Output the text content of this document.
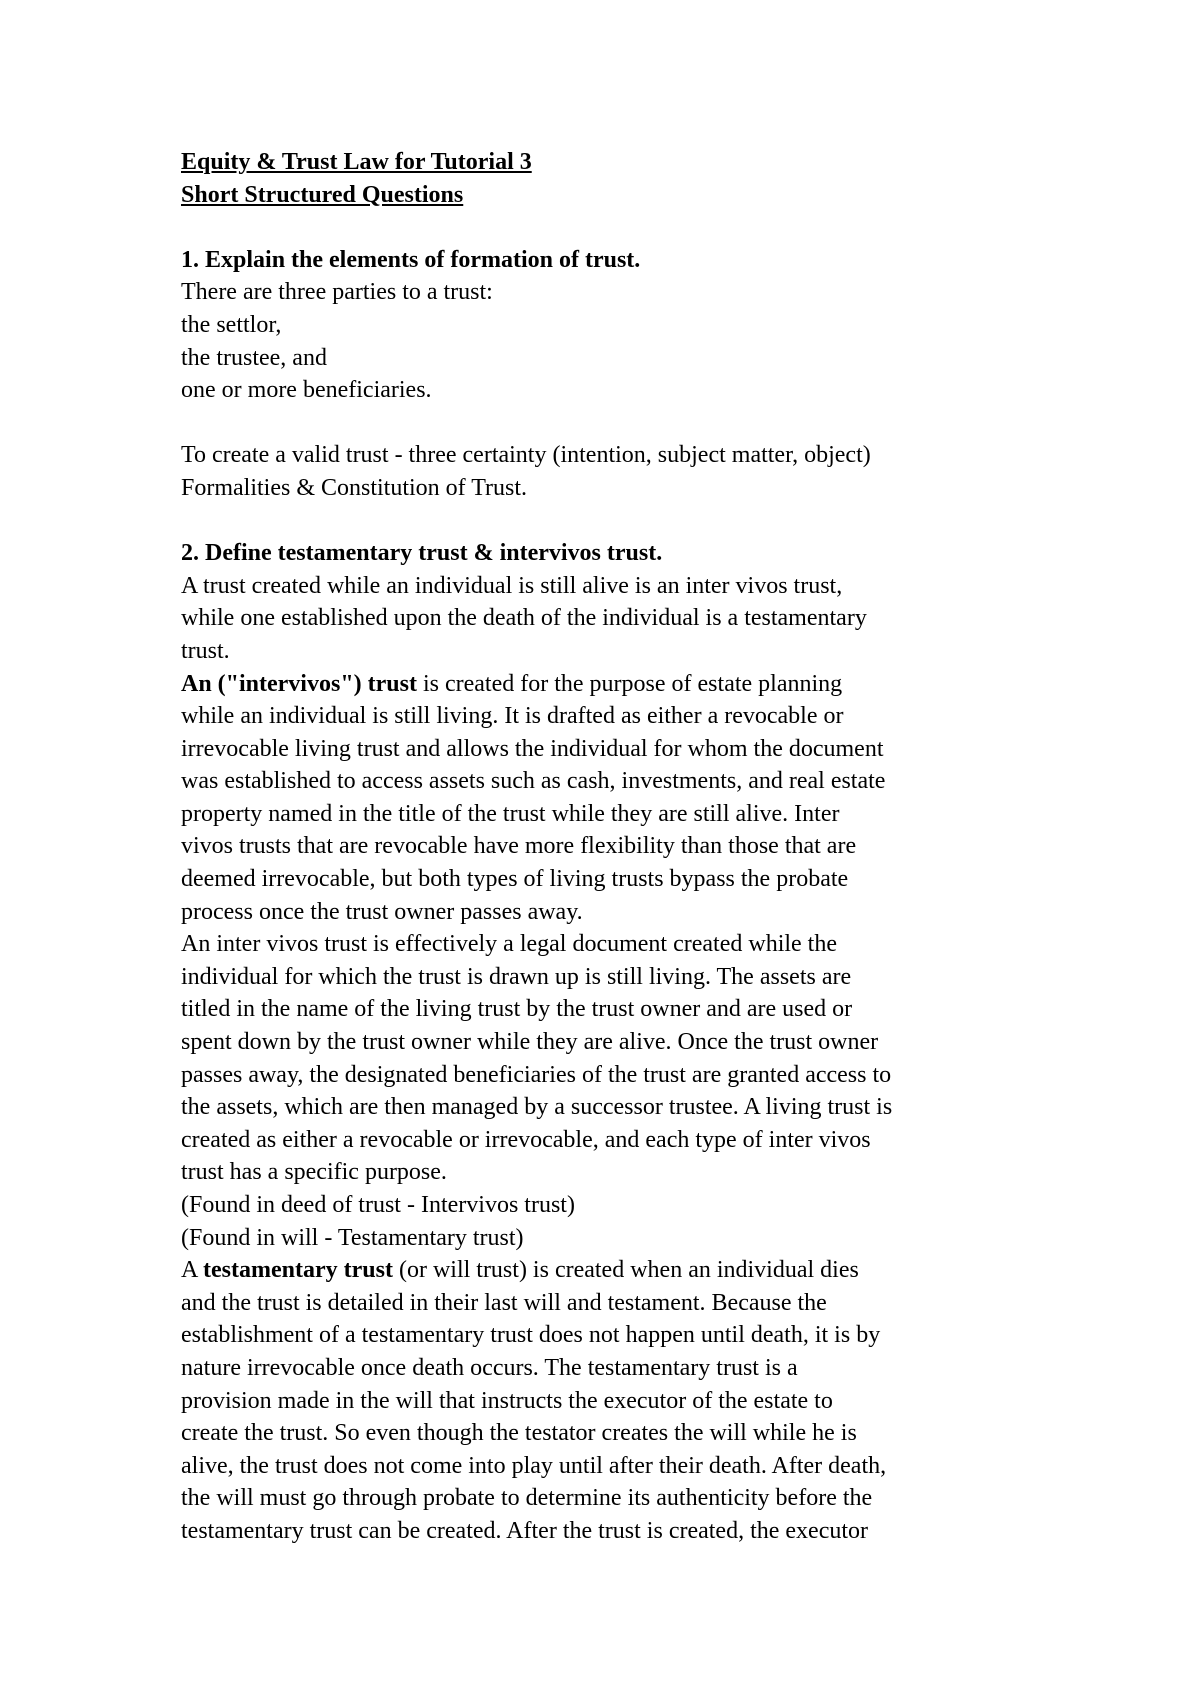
Equity & Trust Law for Tutorial 3
Short Structured Questions
1. Explain the elements of formation of trust.
There are three parties to a trust:
the settlor,
the trustee, and
one or more beneficiaries.
To create a valid trust - three certainty (intention, subject matter, object)
Formalities & Constitution of Trust.
2. Define testamentary trust & intervivos trust.
A trust created while an individual is still alive is an inter vivos trust,
while one established upon the death of the individual is a testamentary
trust.
An ("intervivos") trust is created for the purpose of estate planning
while an individual is still living. It is drafted as either a revocable or
irrevocable living trust and allows the individual for whom the document
was established to access assets such as cash, investments, and real estate
property named in the title of the trust while they are still alive. Inter
vivos trusts that are revocable have more flexibility than those that are
deemed irrevocable, but both types of living trusts bypass the probate
process once the trust owner passes away.
An inter vivos trust is effectively a legal document created while the
individual for which the trust is drawn up is still living. The assets are
titled in the name of the living trust by the trust owner and are used or
spent down by the trust owner while they are alive. Once the trust owner
passes away, the designated beneficiaries of the trust are granted access to
the assets, which are then managed by a successor trustee. A living trust is
created as either a revocable or irrevocable, and each type of inter vivos
trust has a specific purpose.
(Found in deed of trust - Intervivos trust)
(Found in will - Testamentary trust)
A testamentary trust (or will trust) is created when an individual dies
and the trust is detailed in their last will and testament. Because the
establishment of a testamentary trust does not happen until death, it is by
nature irrevocable once death occurs. The testamentary trust is a
provision made in the will that instructs the executor of the estate to
create the trust. So even though the testator creates the will while he is
alive, the trust does not come into play until after their death. After death,
the will must go through probate to determine its authenticity before the
testamentary trust can be created. After the trust is created, the executor
